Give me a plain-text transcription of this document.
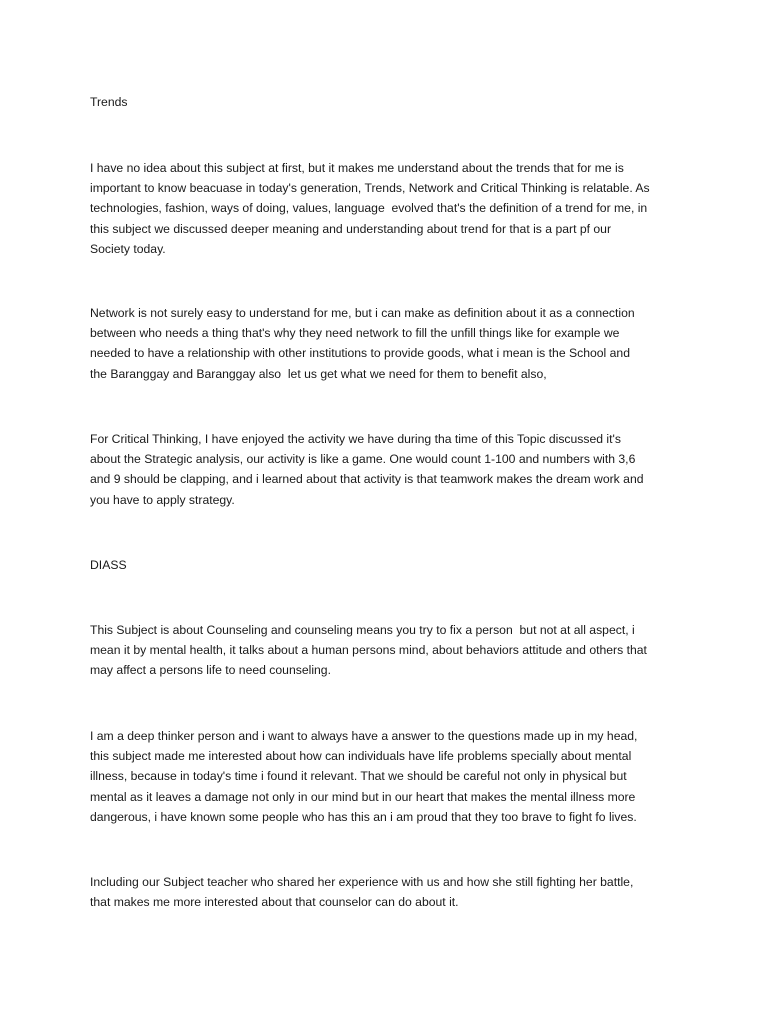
Trends
I have no idea about this subject at first, but it makes me understand about the trends that for me is
important to know beacuase in today's generation, Trends, Network and Critical Thinking is relatable. As
technologies, fashion, ways of doing, values, language  evolved that's the definition of a trend for me, in
this subject we discussed deeper meaning and understanding about trend for that is a part pf our
Society today.
Network is not surely easy to understand for me, but i can make as definition about it as a connection
between who needs a thing that's why they need network to fill the unfill things like for example we
needed to have a relationship with other institutions to provide goods, what i mean is the School and
the Baranggay and Baranggay also  let us get what we need for them to benefit also,
For Critical Thinking, I have enjoyed the activity we have during tha time of this Topic discussed it's
about the Strategic analysis, our activity is like a game. One would count 1-100 and numbers with 3,6
and 9 should be clapping, and i learned about that activity is that teamwork makes the dream work and
you have to apply strategy.
DIASS
This Subject is about Counseling and counseling means you try to fix a person  but not at all aspect, i
mean it by mental health, it talks about a human persons mind, about behaviors attitude and others that
may affect a persons life to need counseling.
I am a deep thinker person and i want to always have a answer to the questions made up in my head,
this subject made me interested about how can individuals have life problems specially about mental
illness, because in today's time i found it relevant. That we should be careful not only in physical but
mental as it leaves a damage not only in our mind but in our heart that makes the mental illness more
dangerous, i have known some people who has this an i am proud that they too brave to fight fo lives.
Including our Subject teacher who shared her experience with us and how she still fighting her battle,
that makes me more interested about that counselor can do about it.
